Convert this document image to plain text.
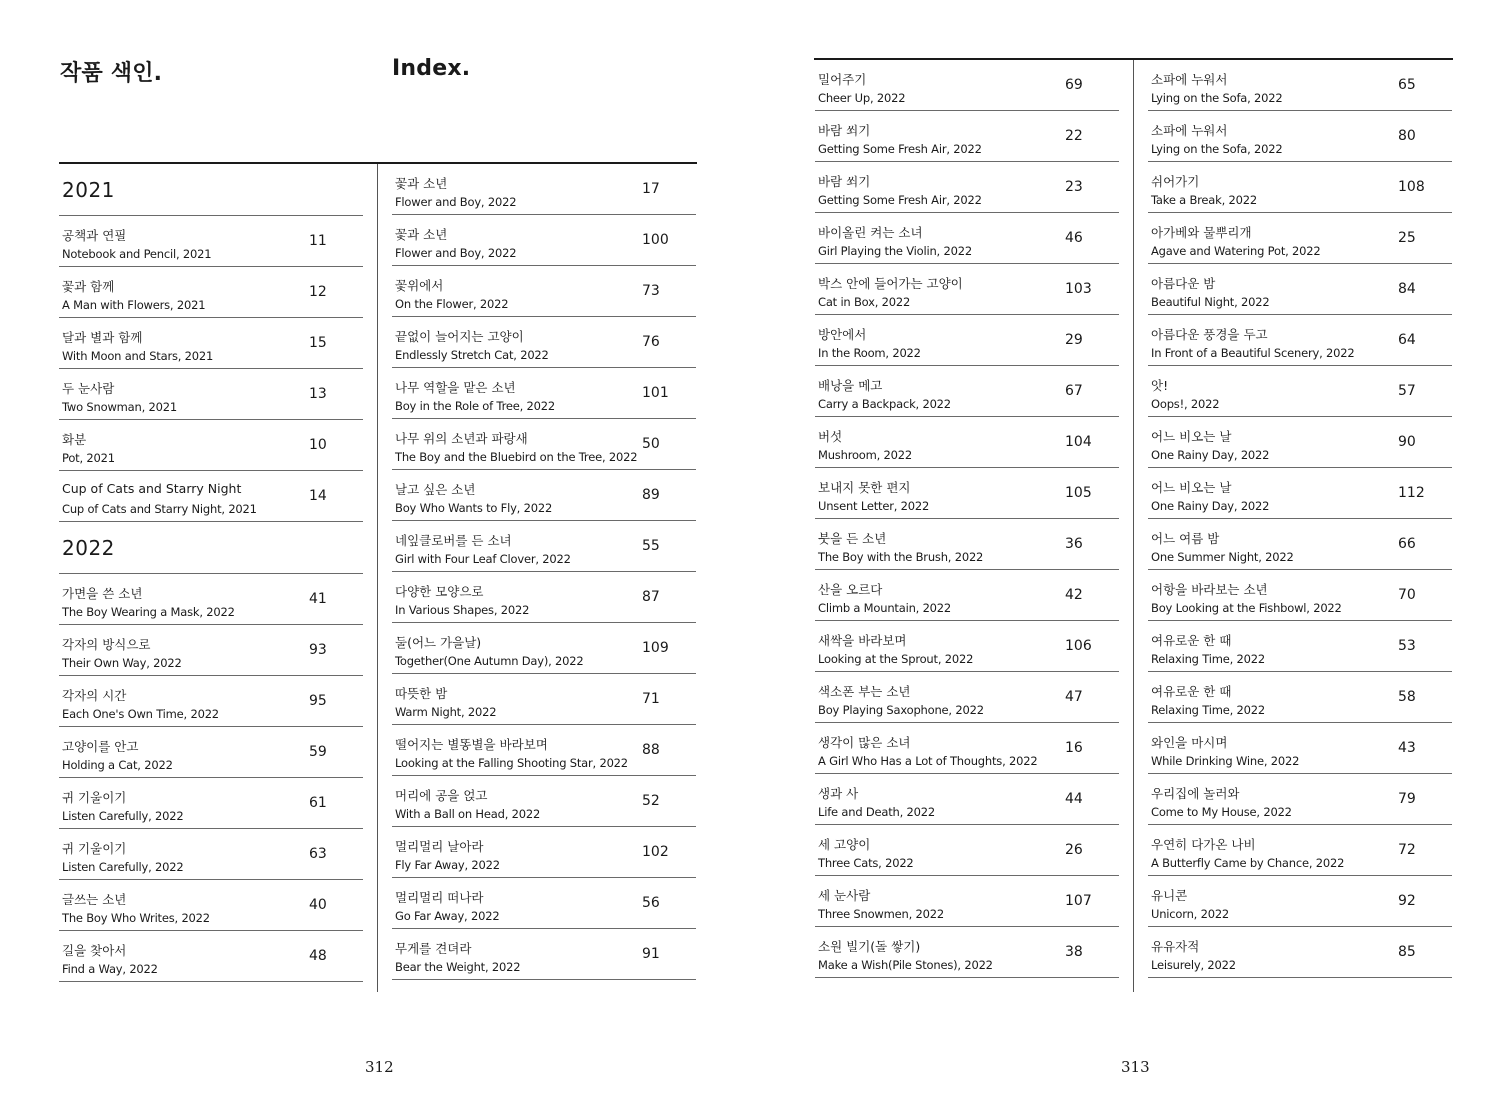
작품 색인.	Index.
2021
공책과 연필
Notebook and Pencil, 2021
11
꽃과 함께
A Man with Flowers, 2021
12
달과 별과 함께
With Moon and Stars, 2021
15
두 눈사람
Two Snowman, 2021
13
화분
Pot, 2021
10
Cup of Cats and Starry Night
Cup of Cats and Starry Night, 2021
14
2022
가면을 쓴 소년
The Boy Wearing a Mask, 2022
41
각자의 방식으로
Their Own Way, 2022
93
각자의 시간
Each One's Own Time, 2022
95
고양이를 안고
Holding a Cat, 2022
59
귀 기울이기
Listen Carefully, 2022
61
귀 기울이기
Listen Carefully, 2022
63
글쓰는 소년
The Boy Who Writes, 2022
40
길을 찾아서
Find a Way, 2022
48
꽃과 소년
Flower and Boy, 2022
17
꽃과 소년
Flower and Boy, 2022
100
꽃위에서
On the Flower, 2022
73
끝없이 늘어지는 고양이
Endlessly Stretch Cat, 2022
76
나무 역할을 맡은 소년
Boy in the Role of Tree, 2022
101
나무 위의 소년과 파랑새
The Boy and the Bluebird on the Tree, 2022
50
날고 싶은 소년
Boy Who Wants to Fly, 2022
89
네잎클로버를 든 소녀
Girl with Four Leaf Clover, 2022
55
다양한 모양으로
In Various Shapes, 2022
87
둘(어느 가을날)
Together(One Autumn Day), 2022
109
따뜻한 밤
Warm Night, 2022
71
떨어지는 별똥별을 바라보며
Looking at the Falling Shooting Star, 2022
88
머리에 공을 얹고
With a Ball on Head, 2022
52
멀리멀리 날아라
Fly Far Away, 2022
102
멀리멀리 떠나라
Go Far Away, 2022
56
무게를 견뎌라
Bear the Weight, 2022
91
밀어주기
Cheer Up, 2022
69
바람 쐬기
Getting Some Fresh Air, 2022
22
바람 쐬기
Getting Some Fresh Air, 2022
23
바이올린 켜는 소녀
Girl Playing the Violin, 2022
46
박스 안에 들어가는 고양이
Cat in Box, 2022
103
방안에서
In the Room, 2022
29
배낭을 메고
Carry a Backpack, 2022
67
버섯
Mushroom, 2022
104
보내지 못한 편지
Unsent Letter, 2022
105
붓을 든 소년
The Boy with the Brush, 2022
36
산을 오르다
Climb a Mountain, 2022
42
새싹을 바라보며
Looking at the Sprout, 2022
106
색소폰 부는 소년
Boy Playing Saxophone, 2022
47
생각이 많은 소녀
A Girl Who Has a Lot of Thoughts, 2022
16
생과 사
Life and Death, 2022
44
세 고양이
Three Cats, 2022
26
세 눈사람
Three Snowmen, 2022
107
소원 빌기(돌 쌓기)
Make a Wish(Pile Stones), 2022
38
소파에 누워서
Lying on the Sofa, 2022
65
소파에 누워서
Lying on the Sofa, 2022
80
쉬어가기
Take a Break, 2022
108
아가베와 물뿌리개
Agave and Watering Pot, 2022
25
아름다운 밤
Beautiful Night, 2022
84
아름다운 풍경을 두고
In Front of a Beautiful Scenery, 2022
64
앗!
Oops!, 2022
57
어느 비오는 날
One Rainy Day, 2022
90
어느 비오는 날
One Rainy Day, 2022
112
어느 여름 밤
One Summer Night, 2022
66
어항을 바라보는 소년
Boy Looking at the Fishbowl, 2022
70
여유로운 한 때
Relaxing Time, 2022
53
여유로운 한 때
Relaxing Time, 2022
58
와인을 마시며
While Drinking Wine, 2022
43
우리집에 놀러와
Come to My House, 2022
79
우연히 다가온 나비
A Butterfly Came by Chance, 2022
72
유니콘
Unicorn, 2022
92
유유자적
Leisurely, 2022
85
312	313
